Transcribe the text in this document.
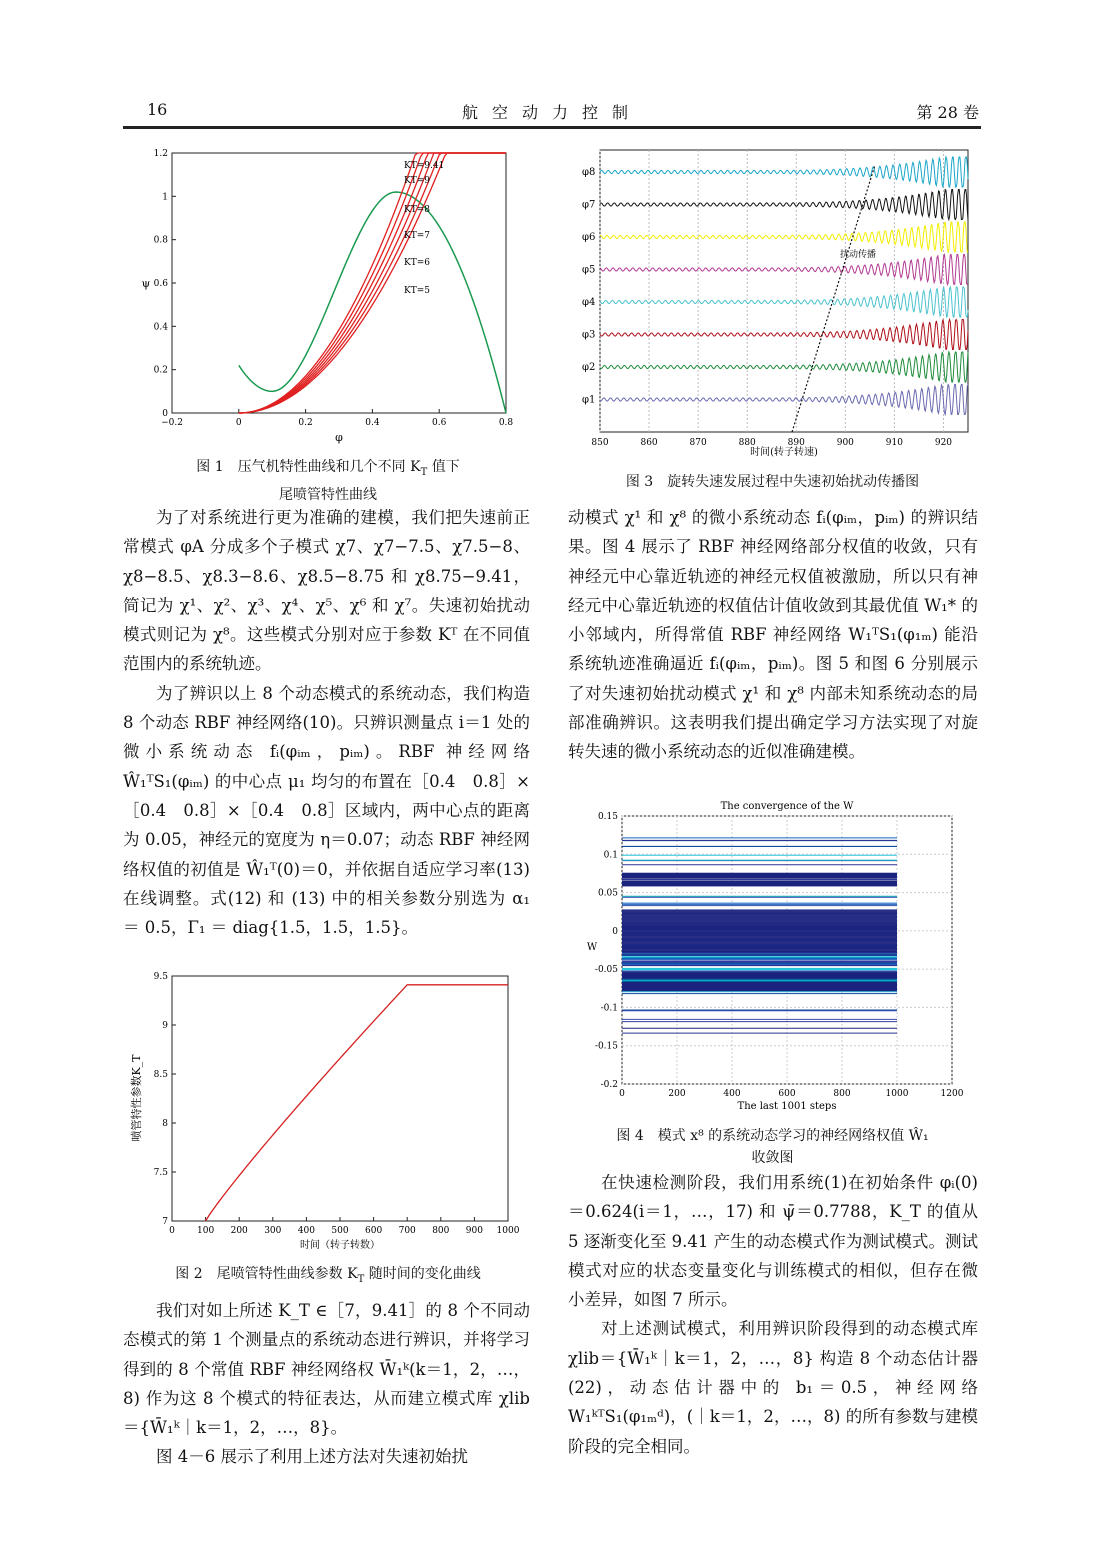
16	航空动力控制	第 28 卷
−0.2	0	0.2	0.4	0.6	0.8
0
0.2
0.4
0.6
0.8
1
1.2
KT=9.41
KT=9
KT=8
KT=7
KT=6
KT=5
φ
ψ
图 1　压气机特性曲线和几个不同 $K_T$ 值下
尾喷管特性曲线

为了对系统进行更为准确的建模，我们把失速前正常模式 φA 分成多个子模式 χ7、χ7−7.5、χ7.5−8、χ8−8.5、χ8.3−8.6、χ8.5−8.75 和 χ8.75−9.41，简记为 χ¹、χ²、χ³、χ⁴、χ⁵、χ⁶ 和 χ⁷。失速初始扰动模式则记为 χ⁸。这些模式分别对应于参数 Kᵀ 在不同值范围内的系统轨迹。

为了辨识以上 8 个动态模式的系统动态，我们构造 8 个动态 RBF 神经网络(10)。只辨识测量点 i＝1 处的微小系统动态 fᵢ(φᵢₘ，pᵢₘ)。RBF 神经网络 Ŵ₁ᵀS₁(φᵢₘ) 的中心点 μ₁ 均匀的布置在［0.4　0.8］×［0.4　0.8］×［0.4　0.8］区域内，两中心点的距离为 0.05，神经元的宽度为 η＝0.07；动态 RBF 神经网络权值的初值是 Ŵ₁ᵀ(0)＝0，并依据自适应学习率(13) 在线调整。式(12) 和 (13) 中的相关参数分别选为 α₁ ＝ 0.5，Γ₁ ＝ diag{1.5，1.5，1.5}。

0 100 200 300 400 500 600 700 800 900 1000
7
7.5
8
8.5
9
9.5
时间（转子转数）
喷管特性参数K_T
图 2　尾喷管特性曲线参数 $K_T$ 随时间的变化曲线

我们对如上所述 K_T ∈［7，9.41］的 8 个不同动态模式的第 1 个测量点的系统动态进行辨识，并将学习得到的 8 个常值 RBF 神经网络权 W̄₁ᵏ(k＝1，2，…，8) 作为这 8 个模式的特征表达，从而建立模式库 χlib＝{W̄₁ᵏ｜k＝1，2，…，8}。

图 4－6 展示了利用上述方法对失速初始扰

850	860	870	880	890	900	910	920
φ8
φ7
φ6
φ5
φ4
φ3
φ2
φ1
扰动传播
时间(转子转速)
图 3　旋转失速发展过程中失速初始扰动传播图

动模式 χ¹ 和 χ⁸ 的微小系统动态 fᵢ(φᵢₘ，pᵢₘ) 的辨识结果。图 4 展示了 RBF 神经网络部分权值的收敛，只有神经元中心靠近轨迹的神经元权值被激励，所以只有神经元中心靠近轨迹的权值估计值收敛到其最优值 W₁* 的小邻域内，所得常值 RBF 神经网络 W₁ᵀS₁(φ₁ₘ) 能沿系统轨迹准确逼近 fᵢ(φᵢₘ，pᵢₘ)。图 5 和图 6 分别展示了对失速初始扰动模式 χ¹ 和 χ⁸ 内部未知系统动态的局部准确辨识。这表明我们提出确定学习方法实现了对旋转失速的微小系统动态的近似准确建模。

The convergence of the W
0	200	400	600	800	1000	1200
0.15
0.1
0.05
0
-0.05
-0.1
-0.15
-0.2
The last 1001 steps
W
图 4　模式 x⁸ 的系统动态学习的神经网络权值 Ŵ₁
收敛图

在快速检测阶段，我们用系统(1)在初始条件 φᵢ(0)＝0.624(i＝1，…，17) 和 ψ̄＝0.7788，K_T 的值从 5 逐渐变化至 9.41 产生的动态模式作为测试模式。测试模式对应的状态变量变化与训练模式的相似，但存在微小差异，如图 7 所示。

对上述测试模式，利用辨识阶段得到的动态模式库 χlib＝{W̄₁ᵏ｜k＝1，2，…，8} 构造 8 个动态估计器(22)，动态估计器中的 b₁＝0.5，神经网络 W₁ᵏᵀS₁(φ₁ₘᵈ)，(｜k＝1，2，…，8) 的所有参数与建模阶段的完全相同。
